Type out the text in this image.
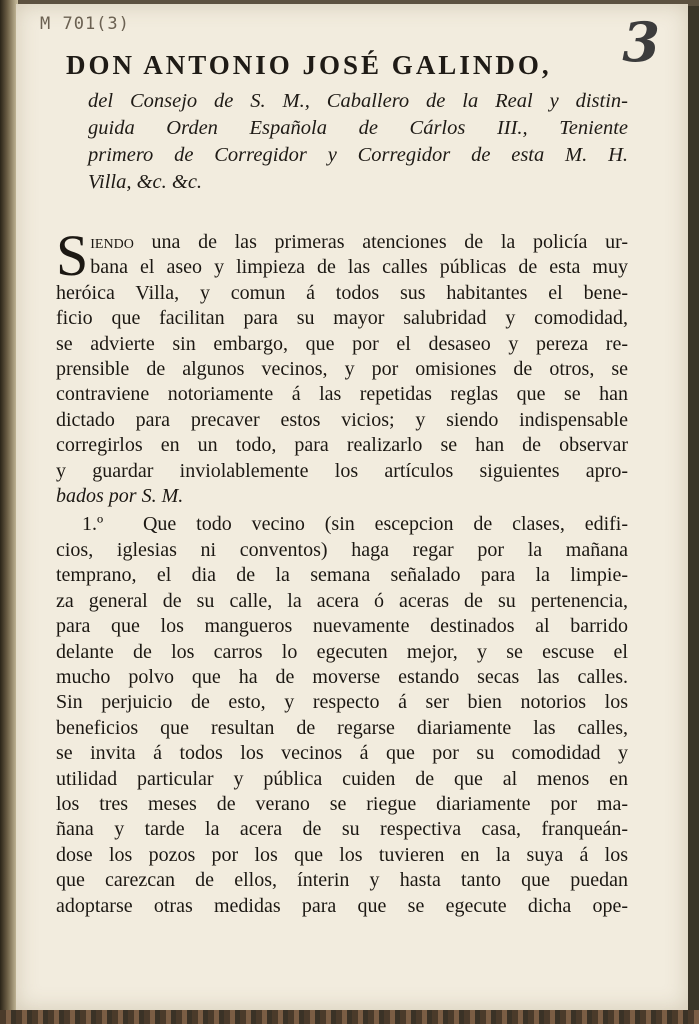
M 701(3)	3
DON ANTONIO JOSÉ GALINDO,
del Consejo de S. M., Caballero de la Real y distin-
guida Orden Española de Cárlos III., Teniente
primero de Corregidor y Corregidor de esta M. H.
Villa, &c. &c.
S iendo una de las primeras atenciones de la policía ur-
bana el aseo y limpieza de las calles públicas de esta muy
heróica Villa, y comun á todos sus habitantes el bene-
ficio que facilitan para su mayor salubridad y comodidad,
se advierte sin embargo, que por el desaseo y pereza re-
prensible de algunos vecinos, y por omisiones de otros, se
contraviene notoriamente á las repetidas reglas que se han
dictado para precaver estos vicios; y siendo indispensable
corregirlos en un todo, para realizarlo se han de observar
y guardar inviolablemente los artículos siguientes apro-
bados por S. M.
1.º Que todo vecino (sin escepcion de clases, edifi-
cios, iglesias ni conventos) haga regar por la mañana
temprano, el dia de la semana señalado para la limpie-
za general de su calle, la acera ó aceras de su pertenencia,
para que los mangueros nuevamente destinados al barrido
delante de los carros lo egecuten mejor, y se escuse el
mucho polvo que ha de moverse estando secas las calles.
Sin perjuicio de esto, y respecto á ser bien notorios los
beneficios que resultan de regarse diariamente las calles,
se invita á todos los vecinos á que por su comodidad y
utilidad particular y pública cuiden de que al menos en
los tres meses de verano se riegue diariamente por ma-
ñana y tarde la acera de su respectiva casa, franqueán-
dose los pozos por los que los tuvieren en la suya á los
que carezcan de ellos, ínterin y hasta tanto que puedan
adoptarse otras medidas para que se egecute dicha ope-
